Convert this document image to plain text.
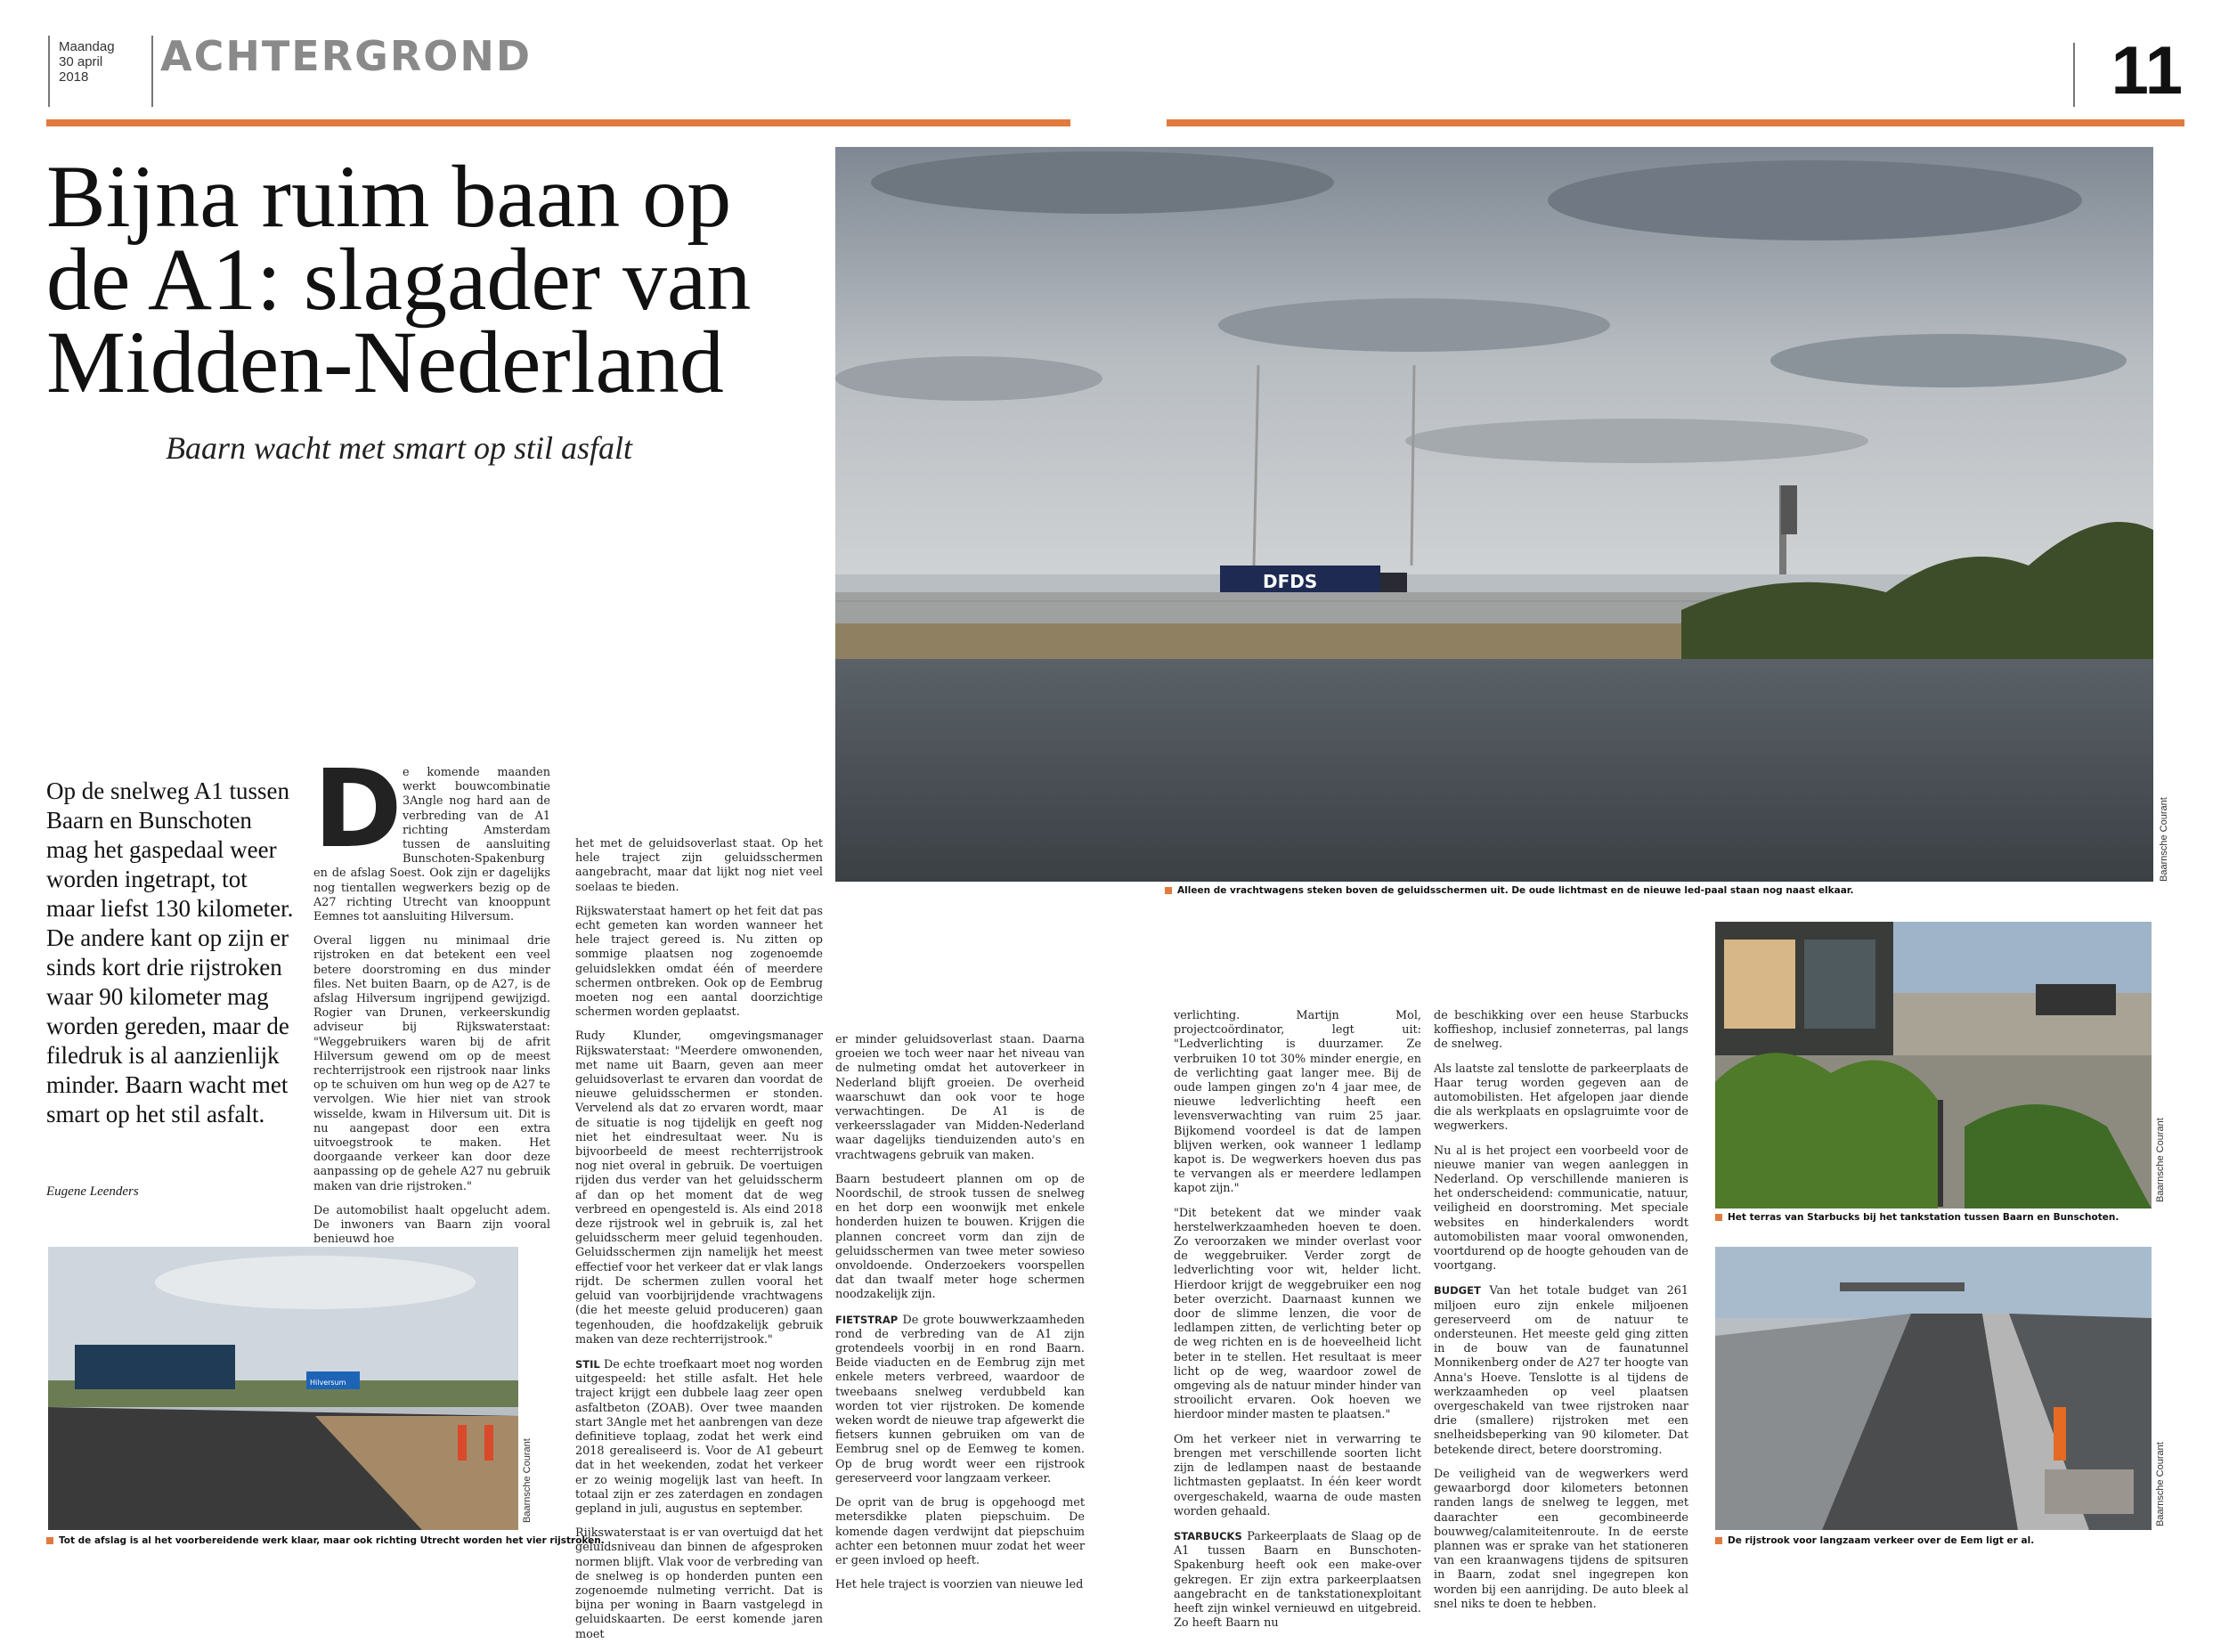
Maandag
30 april
2018	ACHTERGROND	11
Bijna ruim baan op de A1: slagader van Midden-Nederland
Baarn wacht met smart op stil asfalt
Op de snelweg A1 tussen Baarn en Bunschoten mag het gaspedaal weer worden ingetrapt, tot maar liefst 130 kilometer. De andere kant op zijn er sinds kort drie rijstroken waar 90 kilometer mag worden gereden, maar de filedruk is al aanzienlijk minder. Baarn wacht met smart op het stil asfalt.
Eugene Leenders
DFDS
Baarnsche Courant
Alleen de vrachtwagens steken boven de geluidsschermen uit. De oude lichtmast en de nieuwe led-paal staan nog naast elkaar.
Hilversum
Baarnsche Courant
Tot de afslag is al het voorbereidende werk klaar, maar ook richting Utrecht worden het vier rijstroken.
Baarnsche Courant
Het terras van Starbucks bij het tankstation tussen Baarn en Bunschoten.
Baarnsche Courant
De rijstrook voor langzaam verkeer over de Eem ligt er al.

De komende maanden werkt bouwcombinatie 3Angle nog hard aan de verbreding van de A1 richting Amsterdam tussen de aansluiting Bunschoten-Spakenburg en de afslag Soest. Ook zijn er dagelijks nog tientallen wegwerkers bezig op de A27 richting Utrecht van knooppunt Eemnes tot aansluiting Hilversum.

Overal liggen nu minimaal drie rijstroken en dat betekent een veel betere doorstroming en dus minder files. Net buiten Baarn, op de A27, is de afslag Hilversum ingrijpend gewijzigd. Rogier van Drunen, verkeerskundig adviseur bij Rijkswaterstaat: "Weggebruikers waren bij de afrit Hilversum gewend om op de meest rechterrijstrook een rijstrook naar links op te schuiven om hun weg op de A27 te vervolgen. Wie hier niet van strook wisselde, kwam in Hilversum uit. Dit is nu aangepast door een extra uitvoegstrook te maken. Het doorgaande verkeer kan door deze aanpassing op de gehele A27 nu gebruik maken van drie rijstroken."

De automobilist haalt opgelucht adem. De inwoners van Baarn zijn vooral benieuwd hoe

het met de geluidsoverlast staat. Op het hele traject zijn geluidsschermen aangebracht, maar dat lijkt nog niet veel soelaas te bieden.

Rijkswaterstaat hamert op het feit dat pas echt gemeten kan worden wanneer het hele traject gereed is. Nu zitten op sommige plaatsen nog zogenoemde geluidslekken omdat één of meerdere schermen ontbreken. Ook op de Eembrug moeten nog een aantal doorzichtige schermen worden geplaatst.

Rudy Klunder, omgevingsmanager Rijkswaterstaat: "Meerdere omwonenden, met name uit Baarn, geven aan meer geluidsoverlast te ervaren dan voordat de nieuwe geluidsschermen er stonden. Vervelend als dat zo ervaren wordt, maar de situatie is nog tijdelijk en geeft nog niet het eindresultaat weer. Nu is bijvoorbeeld de meest rechterrijstrook nog niet overal in gebruik. De voertuigen rijden dus verder van het geluidsscherm af dan op het moment dat de weg verbreed en opengesteld is. Als eind 2018 deze rijstrook wel in gebruik is, zal het geluidsscherm meer geluid tegenhouden. Geluidsschermen zijn namelijk het meest effectief voor het verkeer dat er vlak langs rijdt. De schermen zullen vooral het geluid van voorbijrijdende vrachtwagens (die het meeste geluid produceren) gaan tegenhouden, die hoofdzakelijk gebruik maken van deze rechterrijstrook."

STIL De echte troefkaart moet nog worden uitgespeeld: het stille asfalt. Het hele traject krijgt een dubbele laag zeer open asfaltbeton (ZOAB). Over twee maanden start 3Angle met het aanbrengen van deze definitieve toplaag, zodat het werk eind 2018 gerealiseerd is. Voor de A1 gebeurt dat in het weekenden, zodat het verkeer er zo weinig mogelijk last van heeft. In totaal zijn er zes zaterdagen en zondagen gepland in juli, augustus en september.

Rijkswaterstaat is er van overtuigd dat het geluidsniveau dan binnen de afgesproken normen blijft. Vlak voor de verbreding van de snelweg is op honderden punten een zogenoemde nulmeting verricht. Dat is bijna per woning in Baarn vastgelegd in geluidskaarten. De eerst komende jaren moet

er minder geluidsoverlast staan. Daarna groeien we toch weer naar het niveau van de nulmeting omdat het autoverkeer in Nederland blijft groeien. De overheid waarschuwt dan ook voor te hoge verwachtingen. De A1 is de verkeersslagader van Midden-Nederland waar dagelijks tienduizenden auto's en vrachtwagens gebruik van maken.

Baarn bestudeert plannen om op de Noordschil, de strook tussen de snelweg en het dorp een woonwijk met enkele honderden huizen te bouwen. Krijgen die plannen concreet vorm dan zijn de geluidsschermen van twee meter sowieso onvoldoende. Onderzoekers voorspellen dat dan twaalf meter hoge schermen noodzakelijk zijn.

FIETSTRAP De grote bouwwerkzaamheden rond de verbreding van de A1 zijn grotendeels voorbij in en rond Baarn. Beide viaducten en de Eembrug zijn met enkele meters verbreed, waardoor de tweebaans snelweg verdubbeld kan worden tot vier rijstroken. De komende weken wordt de nieuwe trap afgewerkt die fietsers kunnen gebruiken om van de Eembrug snel op de Eemweg te komen. Op de brug wordt weer een rijstrook gereserveerd voor langzaam verkeer.

De oprit van de brug is opgehoogd met metersdikke platen piepschuim. De komende dagen verdwijnt dat piepschuim achter een betonnen muur zodat het weer er geen invloed op heeft.

Het hele traject is voorzien van nieuwe led

verlichting. Martijn Mol, projectcoördinator, legt uit: "Ledverlichting is duurzamer. Ze verbruiken 10 tot 30% minder energie, en de verlichting gaat langer mee. Bij de oude lampen gingen zo'n 4 jaar mee, de nieuwe ledverlichting heeft een levensverwachting van ruim 25 jaar. Bijkomend voordeel is dat de lampen blijven werken, ook wanneer 1 ledlamp kapot is. De wegwerkers hoeven dus pas te vervangen als er meerdere ledlampen kapot zijn."

"Dit betekent dat we minder vaak herstelwerkzaamheden hoeven te doen. Zo veroorzaken we minder overlast voor de weggebruiker. Verder zorgt de ledverlichting voor wit, helder licht. Hierdoor krijgt de weggebruiker een nog beter overzicht. Daarnaast kunnen we door de slimme lenzen, die voor de ledlampen zitten, de verlichting beter op de weg richten en is de hoeveelheid licht beter in te stellen. Het resultaat is meer licht op de weg, waardoor zowel de omgeving als de natuur minder hinder van strooilicht ervaren. Ook hoeven we hierdoor minder masten te plaatsen."

Om het verkeer niet in verwarring te brengen met verschillende soorten licht zijn de ledlampen naast de bestaande lichtmasten geplaatst. In één keer wordt overgeschakeld, waarna de oude masten worden gehaald.

STARBUCKS Parkeerplaats de Slaag op de A1 tussen Baarn en Bunschoten-Spakenburg heeft ook een make-over gekregen. Er zijn extra parkeerplaatsen aangebracht en de tankstationexploitant heeft zijn winkel vernieuwd en uitgebreid. Zo heeft Baarn nu

de beschikking over een heuse Starbucks koffieshop, inclusief zonneterras, pal langs de snelweg.

Als laatste zal tenslotte de parkeerplaats de Haar terug worden gegeven aan de automobilisten. Het afgelopen jaar diende die als werkplaats en opslagruimte voor de wegwerkers.

Nu al is het project een voorbeeld voor de nieuwe manier van wegen aanleggen in Nederland. Op verschillende manieren is het onderscheidend: communicatie, natuur, veiligheid en doorstroming. Met speciale websites en hinderkalenders wordt automobilisten maar vooral omwonenden, voortdurend op de hoogte gehouden van de voortgang.

BUDGET Van het totale budget van 261 miljoen euro zijn enkele miljoenen gereserveerd om de natuur te ondersteunen. Het meeste geld ging zitten in de bouw van de faunatunnel Monnikenberg onder de A27 ter hoogte van Anna's Hoeve. Tenslotte is al tijdens de werkzaamheden op veel plaatsen overgeschakeld van twee rijstroken naar drie (smallere) rijstroken met een snelheidsbeperking van 90 kilometer. Dat betekende direct, betere doorstroming.

De veiligheid van de wegwerkers werd gewaarborgd door kilometers betonnen randen langs de snelweg te leggen, met daarachter een gecombineerde bouwweg/calamiteitenroute. In de eerste plannen was er sprake van het stationeren van een kraanwagens tijdens de spitsuren in Baarn, zodat snel ingegrepen kon worden bij een aanrijding. De auto bleek al snel niks te doen te hebben.
